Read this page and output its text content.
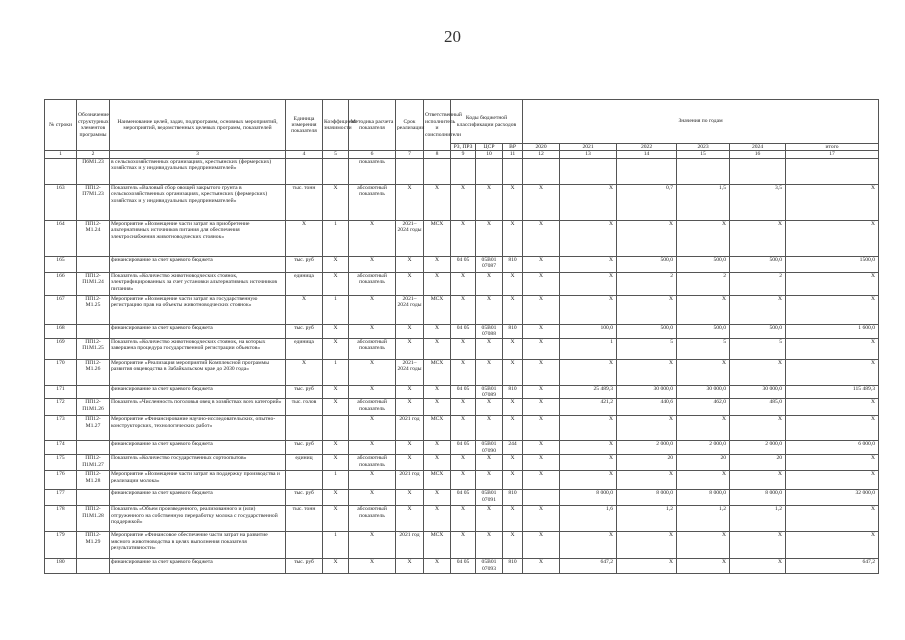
20
№ строки	Обозначение структурных элементов программы	Наименование целей, задач, подпрограмм, основных мероприятий, мероприятий, ведомственных целевых программ, показателей	Единица измерения показателя	Коэффициент значимости	Методика расчета показателя	Срок реализации	Ответственный исполнитель и соисполнители	Коды бюджетной классификации расходов			Значения по годам					
								РЗ, ПРЗ	ЦСР	ВР	2020	2021	2022	2023	2024	итого
1	2	3	4	5	6	7	8	9	10	11	12	13	14	15	16	17
	П6М1.23	в сельскохозяйственных организациях, крестьянских (фермерских) хозяйствах и у индивидуальных предпринимателей»			показатель											
163	ПП12-П7М1.23	Показатель «Валовый сбор овощей закрытого грунта в сельскохозяйственных организациях, крестьянских (фермерских) хозяйствах и у индивидуальных предпринимателей»	тыс. тонн	Х	абсолютный показатель	Х	Х	Х	Х	Х	Х	Х	0,7	1,5	3,5	Х
164	ПП12-М1.24	Мероприятие «Возмещение части затрат на приобретение альтернативных источников питания для обеспечения электроснабжения животноводческих стоянок»	Х	1	Х	2021–2024 годы	МСХ	Х	Х	Х	Х	Х	Х	Х	Х	Х
165		финансирование за счет краевого бюджета	тыс. руб	Х	Х	Х	Х	04 05	05В01 07087	810	Х	Х	500,0	500,0	500,0	1500,0
166	ПП12-П1М1.24	Показатель «Количество животноводческих стоянок, электрифицированных за счет установки альтернативных источников питания»	единица	Х	абсолютный показатель	Х	Х	Х	Х	Х	Х	Х	2	2	2	Х
167	ПП12-М1.25	Мероприятие «Возмещение части затрат на государственную регистрацию прав на объекты животноводческих стоянок»	Х	1	Х	2021–2024 годы	МСХ	Х	Х	Х	Х	Х	Х	Х	Х	Х
168		финансирование за счет краевого бюджета	тыс. руб	Х	Х	Х	Х	04 05	05В01 07088	810	Х	100,0	500,0	500,0	500,0	1 600,0
169	ПП12-П1М1.25	Показатель «Количество животноводческих стоянок, на которых завершена процедура государственной регистрации объектов»	единица	Х	абсолютный показатель	Х	Х	Х	Х	Х	Х	1	5	5	5	Х
170	ПП12-М1.26	Мероприятие «Реализация мероприятий Комплексной программы развития овцеводства в Забайкальском крае до 2030 года»	Х	1	Х	2021–2024 годы	МСХ	Х	Х	Х	Х	Х	Х	Х	Х	Х
171		финансирование за счет краевого бюджета	тыс. руб	Х	Х	Х	Х	04 05	05В01 07089	810	Х	25 489,3	30 000,0	30 000,0	30 000,0	115 489,3
172	ПП12-П1М1.26	Показатель «Численность поголовья овец в хозяйствах всех категорий»	тыс. голов	Х	абсолютный показатель	Х	Х	Х	Х	Х	Х	421,2	440,6	462,0	485,0	Х
173	ПП12-М1.27	Мероприятие «Финансирование научно-исследовательских, опытно-конструкторских, технологических работ»			Х	2021 год	МСХ	Х	Х	Х	Х	Х	Х	Х	Х	Х
174		финансирование за счет краевого бюджета	тыс. руб	Х	Х	Х	Х	04 05	05В01 07090	244	Х	Х	2 000,0	2 000,0	2 000,0	6 000,0
175	ПП12-П1М1.27	Показатель «Количество государственных сортоопытов»	единиц	Х	абсолютный показатель	Х	Х	Х	Х	Х	Х	Х	20	20	20	Х
176	ПП12-М1.28	Мероприятие «Возмещение части затрат на поддержку производства и реализации молока»		1	Х	2021 год	МСХ	Х	Х	Х	Х	Х	Х	Х	Х	Х
177		финансирование за счет краевого бюджета	тыс. руб	Х	Х	Х	Х	04 05	05В01 07091	810		8 000,0	8 000,0	8 000,0	8 000,0	32 000,0
178	ПП12-П1М1.28	Показатель «Объем произведенного, реализованного и (или) отгруженного на собственную переработку молока с государственной поддержкой»	тыс. тонн	Х	абсолютный показатель	Х	Х	Х	Х	Х	Х	1,6	1,2	1,2	1,2	Х
179	ПП12-М1.29	Мероприятие «Финансовое обеспечение части затрат на развитие мясного животноводства в целях выполнения показателя результативности»		1	Х	2021 год	МСХ	Х	Х	Х	Х	Х	Х	Х	Х	Х
180		финансирование за счет краевого бюджета	тыс. руб	Х	Х	Х	Х	04 05	05В01 07093	810	Х	647,2	Х	Х	Х	647,2
